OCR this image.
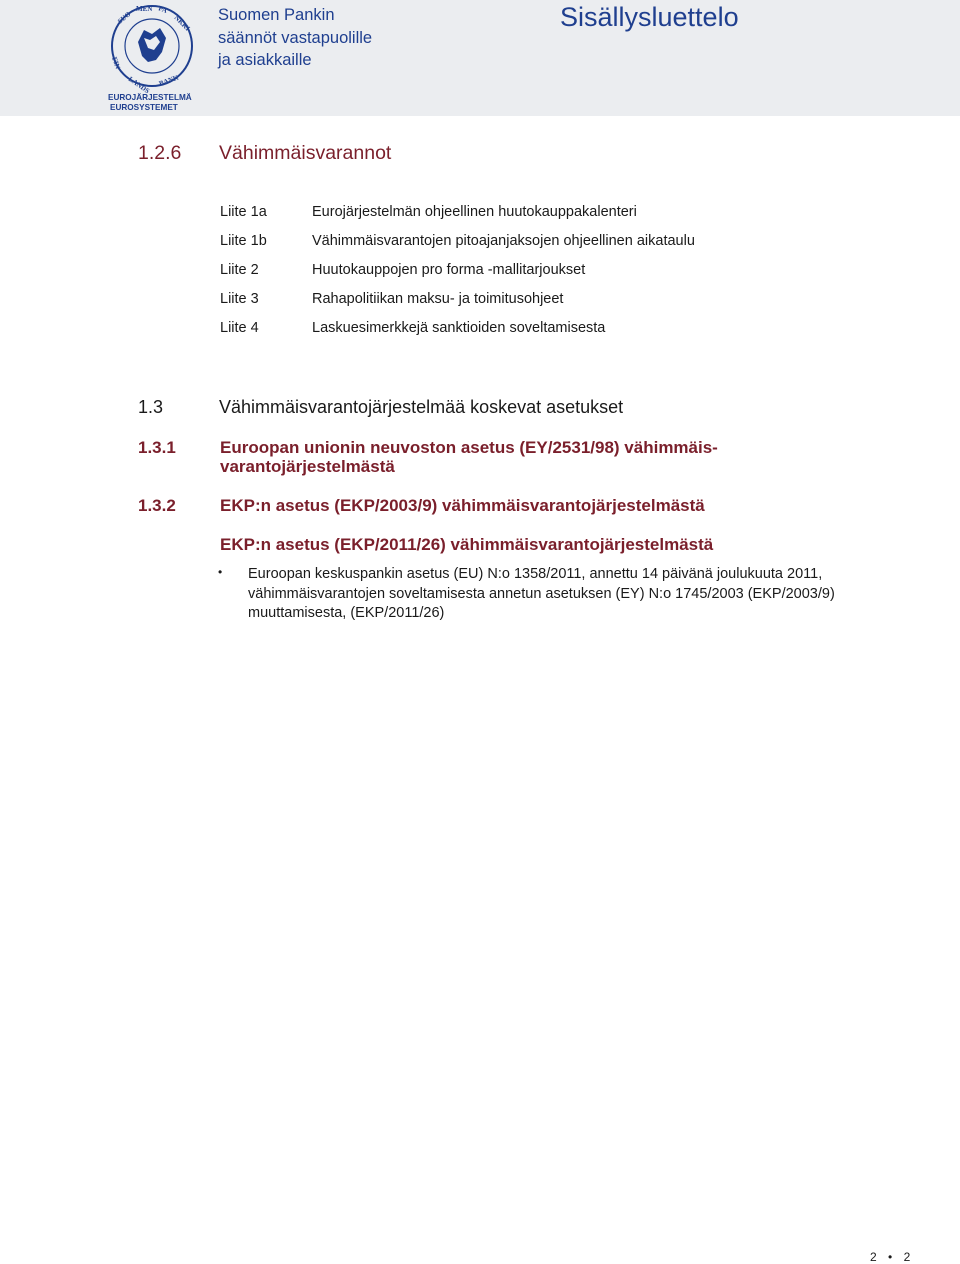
SUO
MEN PA
NKKI
FIN
LANDS BANK
EUROJÄRJESTELMÄ
EUROSYSTEMET
Suomen Pankin
säännöt vastapuolille
ja asiakkaille
Sisällysluettelo
1.2.6 Vähimmäisvarannot
Liite 1a	Eurojärjestelmän ohjeellinen huutokauppakalenteri
Liite 1b	Vähimmäisvarantojen pitoajanjaksojen ohjeellinen aikataulu
Liite 2	Huutokauppojen pro forma -mallitarjoukset
Liite 3	Rahapolitiikan maksu- ja toimitusohjeet
Liite 4	Laskuesimerkkejä sanktioiden soveltamisesta
1.3	Vähimmäisvarantojärjestelmää koskevat asetukset
1.3.1	Euroopan unionin neuvoston asetus (EY/2531/98) vähimmäis-
varantojärjestelmästä
1.3.2	EKP:n asetus (EKP/2003/9) vähimmäisvarantojärjestelmästä
EKP:n asetus (EKP/2011/26) vähimmäisvarantojärjestelmästä
• Euroopan keskuspankin asetus (EU) N:o 1358/2011, annettu 14 päivänä joulukuuta 2011, vähimmäisvarantojen soveltamisesta annetun asetuksen (EY) N:o 1745/2003 (EKP/2003/9) muuttamisesta, (EKP/2011/26)
2 • 2
